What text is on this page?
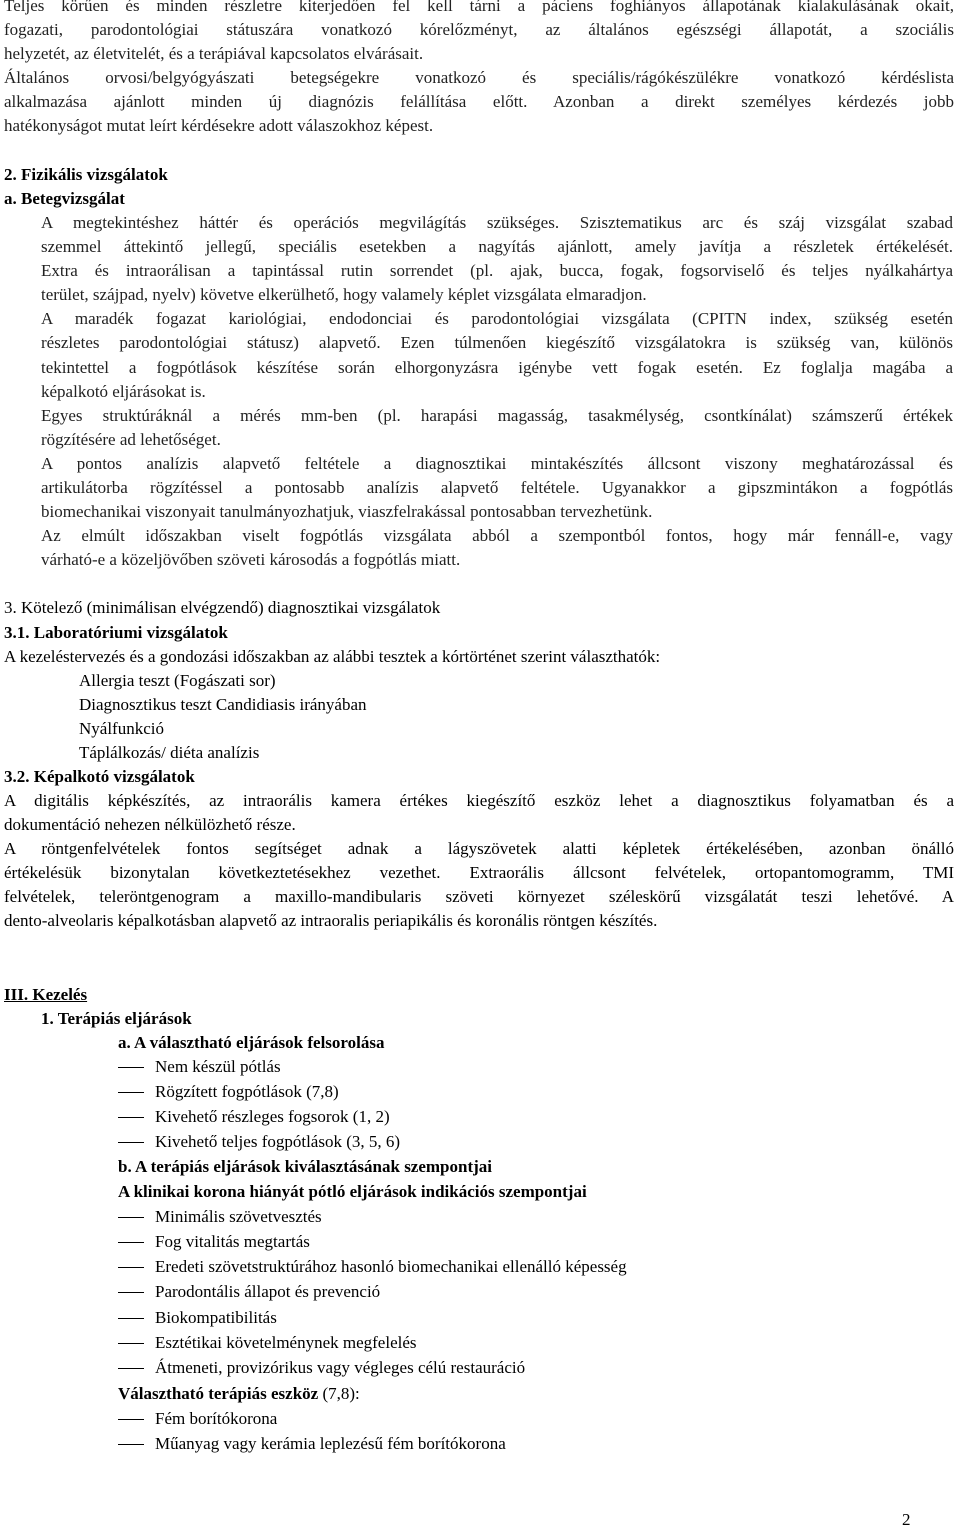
Teljes körűen és minden részletre kiterjedően fel kell tárni a páciens foghiányos állapotának kialakulásának okait,
fogazati, parodontológiai státuszára vonatkozó kórelőzményt, az általános egészségi állapotát, a szociális
helyzetét, az életvitelét, és a terápiával kapcsolatos elvárásait.
Általános orvosi/belgyógyászati betegségekre vonatkozó és speciális/rágókészülékre vonatkozó kérdéslista
alkalmazása ajánlott minden új diagnózis felállítása előtt. Azonban a direkt személyes kérdezés jobb
hatékonyságot mutat leírt kérdésekre adott válaszokhoz képest.
2. Fizikális vizsgálatok
a. Betegvizsgálat
A megtekintéshez háttér és operációs megvilágítás szükséges. Szisztematikus arc és száj vizsgálat szabad
szemmel áttekintő jellegű, speciális esetekben a nagyítás ajánlott, amely javítja a részletek értékelését.
Extra és intraorálisan a tapintással rutin sorrendet (pl. ajak, bucca, fogak, fogsorviselő és teljes nyálkahártya
terület, szájpad, nyelv) követve elkerülhető, hogy valamely képlet vizsgálata elmaradjon.
A maradék fogazat kariológiai, endodonciai és parodontológiai vizsgálata (CPITN index, szükség esetén
részletes parodontológiai státusz) alapvető. Ezen túlmenően kiegészítő vizsgálatokra is szükség van, különös
tekintettel a fogpótlások készítése során elhorgonyzásra igénybe vett fogak esetén. Ez foglalja magába a
képalkotó eljárásokat is.
Egyes struktúráknál a mérés mm-ben (pl. harapási magasság, tasakmélység, csontkínálat) számszerű értékek
rögzítésére ad lehetőséget.
A pontos analízis alapvető feltétele a diagnosztikai mintakészítés állcsont viszony meghatározással és
artikulátorba rögzítéssel a pontosabb analízis alapvető feltétele. Ugyanakkor a gipszmintákon a fogpótlás
biomechanikai viszonyait tanulmányozhatjuk, viaszfelrakással pontosabban tervezhetünk.
Az elmúlt időszakban viselt fogpótlás vizsgálata abból a szempontból fontos, hogy már fennáll-e, vagy
várható-e a közeljövőben szöveti károsodás a fogpótlás miatt.
3. Kötelező (minimálisan elvégzendő) diagnosztikai vizsgálatok
3.1. Laboratóriumi vizsgálatok
A kezeléstervezés és a gondozási időszakban az alábbi tesztek a kórtörténet szerint választhatók:
Allergia teszt (Fogászati sor)
Diagnosztikus teszt Candidiasis irányában
Nyálfunkció
Táplálkozás/ diéta analízis
3.2. Képalkotó vizsgálatok
A digitális képkészítés, az intraorális kamera értékes kiegészítő eszköz lehet a diagnosztikus folyamatban és a
dokumentáció nehezen nélkülözhető része.
A röntgenfelvételek fontos segítséget adnak a lágyszövetek alatti képletek értékelésében, azonban önálló
értékelésük bizonytalan következtetésekhez vezethet. Extraorális állcsont felvételek, ortopantomogramm, TMI
felvételek, teleröntgenogram a maxillo-mandibularis szöveti környezet széleskörű vizsgálatát teszi lehetővé. A
dento-alveolaris képalkotásban alapvető az intraoralis periapikális és koronális röntgen készítés.
III. Kezelés
1. Terápiás eljárások
a. A választható eljárások felsorolása
Nem készül pótlás
Rögzített fogpótlások (7,8)
Kivehető részleges fogsorok (1, 2)
Kivehető teljes fogpótlások (3, 5, 6)
b. A terápiás eljárások kiválasztásának szempontjai
A klinikai korona hiányát pótló eljárások indikációs szempontjai
Minimális szövetvesztés
Fog vitalitás megtartás
Eredeti szövetstruktúrához hasonló biomechanikai ellenálló képesség
Parodontális állapot és prevenció
Biokompatibilitás
Esztétikai követelménynek megfelelés
Átmeneti, provizórikus vagy végleges célú restauráció
Választható terápiás eszköz (7,8):
Fém borítókorona
Műanyag vagy kerámia leplezésű fém borítókorona
2
